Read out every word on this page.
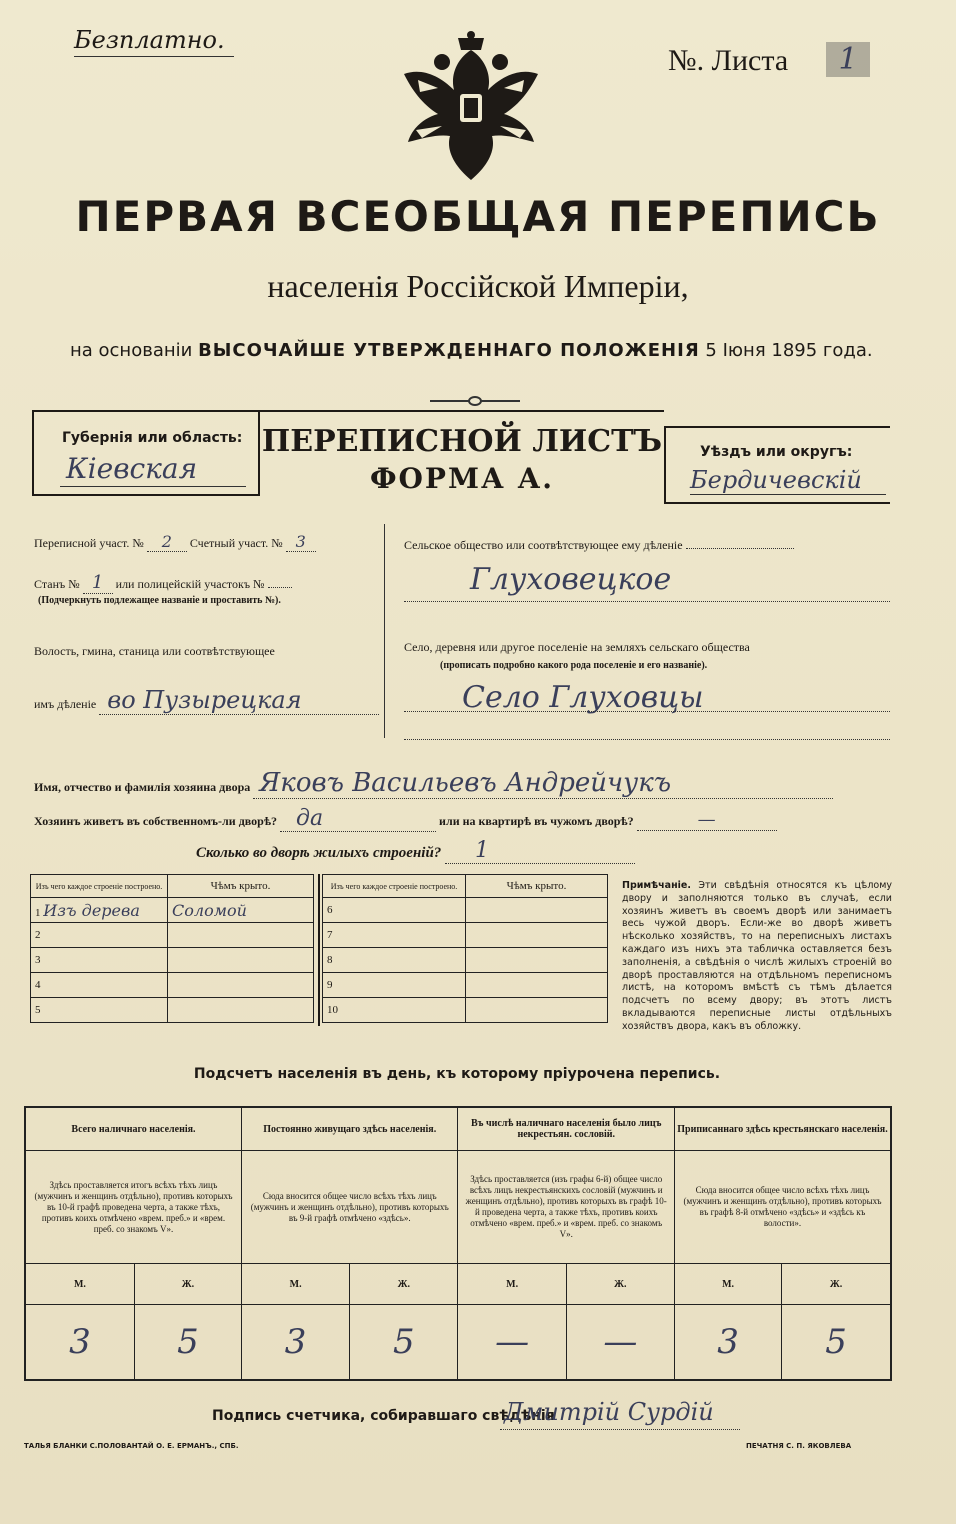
Безплатно.
№. Листа	1
ПЕРВАЯ ВСЕОБЩАЯ ПЕРЕПИСЬ
населенія Россійской Имперіи,
на основаніи ВЫСОЧАЙШЕ УТВЕРЖДЕННАГО ПОЛОЖЕНІЯ 5 Іюня 1895 года.
Губернія или область:
Кіевская
ПЕРЕПИСНОЙ ЛИСТЪ
ФОРМА А.
Уѣздъ или округъ:
Бердичевскій
Переписной участ. № 2 Счетный участ. № 3
Станъ № 1 или полицейскій участокъ №
(Подчеркнуть подлежащее названіе и проставить №).
Волость, гмина, станица или соотвѣтствующее
имъ дѣленіе во Пузырецкая
Сельское общество или соотвѣтствующее ему дѣленіе
Глуховецкое
Село, деревня или другое поселеніе на земляхъ сельскаго общества
(прописать подробно какого рода поселеніе и его названіе).
Село Глуховцы
Имя, отчество и фамилія хозяина двора Яковъ Васильевъ Андрейчукъ
Хозяинъ живетъ въ собственномъ-ли дворѣ? да	или на квартирѣ въ чужомъ дворѣ?	—
Сколько во дворѣ жилыхъ строеній? 1
Изъ чего каждое строеніе построено.	Чѣмъ крыто.
1 Изъ дерева	Соломой
2	
3	
4	
5	
Изъ чего каждое строеніе построено.	Чѣмъ крыто.
6	
7	
8	
9	
10	
Примѣчаніе. Эти свѣдѣнія относятся къ цѣлому двору и заполняются только въ случаѣ, если хозяинъ живетъ въ своемъ дворѣ или занимаетъ весь чужой дворъ. Если-же во дворѣ живетъ нѣсколько хозяйствъ, то на переписныхъ листахъ каждаго изъ нихъ эта табличка оставляется безъ заполненія, а свѣдѣнія о числѣ жилыхъ строеній во дворѣ проставляются на отдѣльномъ переписномъ листѣ, на которомъ вмѣстѣ съ тѣмъ дѣлается подсчетъ по всему двору; въ этотъ листъ вкладываются переписные листы отдѣльныхъ хозяйствъ двора, какъ въ обложку.
Подсчетъ населенія въ день, къ которому пріурочена перепись.
Всего наличнаго населенія.		Постоянно живущаго здѣсь населенія.		Въ числѣ наличнаго населенія было лицъ некрестьян. сословій.		Приписаннаго здѣсь крестьянскаго населенія.	
Здѣсь проставляется итогъ всѣхъ тѣхъ лицъ (мужчинъ и женщинъ отдѣльно), противъ которыхъ въ 10-й графѣ проведена черта, а также тѣхъ, противъ коихъ отмѣчено «врем. преб.» и «врем. преб. со знакомъ V».		Сюда вносится общее число всѣхъ тѣхъ лицъ (мужчинъ и женщинъ отдѣльно), противъ которыхъ въ 9-й графѣ отмѣчено «здѣсь».		Здѣсь проставляется (изъ графы 6-й) общее число всѣхъ лицъ некрестьянскихъ сословій (мужчинъ и женщинъ отдѣльно), противъ которыхъ въ графѣ 10-й проведена черта, а также тѣхъ, противъ коихъ отмѣчено «врем. преб.» и «врем. преб. со знакомъ V».		Сюда вносится общее число всѣхъ тѣхъ лицъ (мужчинъ и женщинъ отдѣльно), противъ которыхъ въ графѣ 8-й отмѣчено «здѣсь» и «здѣсь къ волости».	
М.	Ж.	М.	Ж.	М.	Ж.	М.	Ж.
3	5	3	5	—	—	3	5
Подпись счетчика, собиравшаго свѣдѣнія
Дмитрій Сурдій
ТАЛЬЯ БЛАНКИ С.ПОЛОВАНТАЙ О. Е. ЕРМАНЪ., СПБ.	ПЕЧАТНЯ С. П. ЯКОВЛЕВА
